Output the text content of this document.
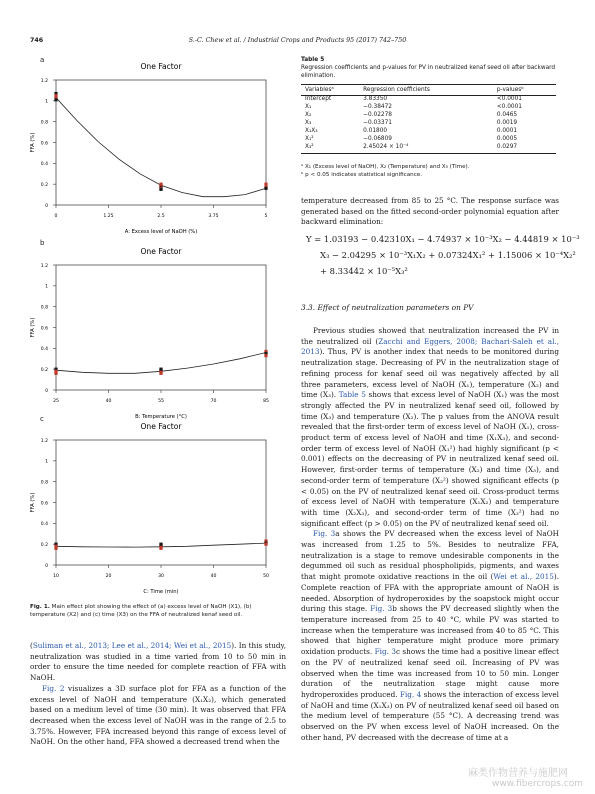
746	S.-C. Chew et al. / Industrial Crops and Products 95 (2017) 742–750
a
One Factor
0
0.2
0.4
0.6
0.8
1
1.2
0	1.25	2.5	3.75	5
A: Excess level of NaOH (%)
FFA (%)
b
One Factor
0
0.2
0.4
0.6
0.8
1
1.2
25	40	55	70	85
B: Temperature (°C)
FFA (%)
c
One Factor
0
0.2
0.4
0.6
0.8
1
1.2
10	20	30	40	50
C: Time (min)
FFA (%)
Fig. 1. Main effect plot showing the effect of (a) excess level of NaOH (X1), (b) temperature (X2) and (c) time (X3) on the FFA of neutralized kenaf seed oil.

(Suliman et al., 2013; Lee et al., 2014; Wei et al., 2015). In this study, neutralization was studied in a time varied from 10 to 50 min in order to ensure the time needed for complete reaction of FFA with NaOH.

Fig. 2 visualizes a 3D surface plot for FFA as a function of the excess level of NaOH and temperature (X₁X₂), which generated based on a medium level of time (30 min). It was observed that FFA decreased when the excess level of NaOH was in the range of 2.5 to 3.75%. However, FFA increased beyond this range of excess level of NaOH. On the other hand, FFA showed a decreased trend when the

Table 5
Regression coefficients and p-values for PV in neutralized kenaf seed oil after backward elimination.
Variablesᵃ	Regression coefficients	p-valuesᵇ
Intercept	3.83350	<0.0001
X₁	−0.38472	<0.0001
X₂	−0.02278	0.0465
X₃	−0.03371	0.0019
X₁X₃	0.01800	0.0001
X₁²	−0.06809	0.0005
X₃²	2.45024 × 10⁻⁴	0.0297
ᵃ X₁ (Excess level of NaOH), X₂ (Temperature) and X₃ (Time).
ᵇ p < 0.05 indicates statistical significance.

temperature decreased from 85 to 25 °C. The response surface was generated based on the fitted second-order polynomial equation after backward elimination:

Y = 1.03193 − 0.42310X₁ − 4.74937 × 10⁻³X₂ − 4.44819 × 10⁻³
X₃ − 2.04295 × 10⁻³X₁X₂ + 0.07324X₁² + 1.15006 × 10⁻⁴X₂²
+ 8.33442 × 10⁻⁵X₃²
3.3. Effect of neutralization parameters on PV

Previous studies showed that neutralization increased the PV in the neutralized oil (Zacchi and Eggers, 2008; Bachari-Saleh et al., 2013). Thus, PV is another index that needs to be monitored during neutralization stage. Decreasing of PV in the neutralization stage of refining process for kenaf seed oil was negatively affected by all three parameters, excess level of NaOH (X₁), temperature (X₂) and time (X₃). Table 5 shows that excess level of NaOH (X₁) was the most strongly affected the PV in neutralized kenaf seed oil, followed by time (X₃) and temperature (X₂). The p values from the ANOVA result revealed that the first-order term of excess level of NaOH (X₁), cross-product term of excess level of NaOH and time (X₁X₃), and second-order term of excess level of NaOH (X₁²) had highly significant (p < 0.001) effects on the decreasing of PV in neutralized kenaf seed oil. However, first-order terms of temperature (X₂) and time (X₃), and second-order term of temperature (X₂²) showed significant effects (p < 0.05) on the PV of neutralized kenaf seed oil. Cross-product terms of excess level of NaOH with temperature (X₁X₂) and temperature with time (X₂X₃), and second-order term of time (X₃²) had no significant effect (p > 0.05) on the PV of neutralized kenaf seed oil.

Fig. 3a shows the PV decreased when the excess level of NaOH was increased from 1.25 to 5%. Besides to neutralize FFA, neutralization is a stage to remove undesirable components in the degummed oil such as residual phospholipids, pigments, and waxes that might promote oxidative reactions in the oil (Wei et al., 2015). Complete reaction of FFA with the appropriate amount of NaOH is needed. Absorption of hydroperoxides by the soapstock might occur during this stage. Fig. 3b shows the PV decreased slightly when the temperature increased from 25 to 40 °C, while PV was started to increase when the temperature was increased from 40 to 85 °C. This showed that higher temperature might produce more primary oxidation products. Fig. 3c shows the time had a positive linear effect on the PV of neutralized kenaf seed oil. Increasing of PV was observed when the time was increased from 10 to 50 min. Longer duration of the neutralization stage might cause more hydroperoxides produced. Fig. 4 shows the interaction of excess level of NaOH and time (X₁X₃) on PV of neutralized kenaf seed oil based on the medium level of temperature (55 °C). A decreasing trend was observed on the PV when excess level of NaOH increased. On the other hand, PV decreased with the decrease of time at a

麻类作物营养与施肥网
www.fibercrops.com
